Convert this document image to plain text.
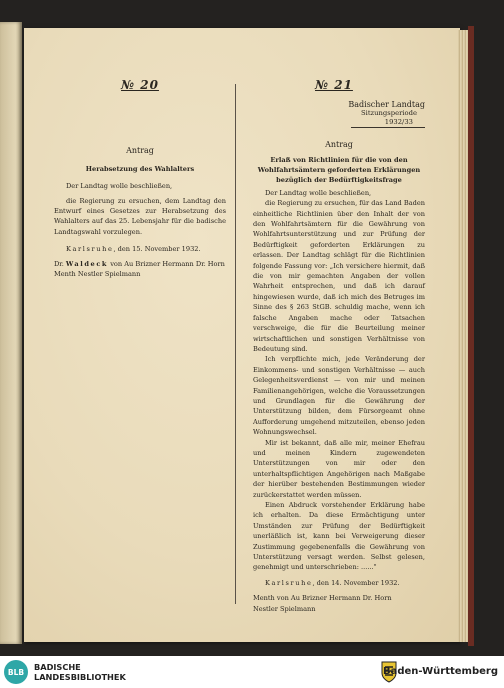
№ 20
Antrag
Herabsetzung des Wahlalters

Der Landtag wolle beschließen,

die Regierung zu ersuchen, dem Landtag den Entwurf eines Gesetzes zur Herabsetzung des Wahlalters auf das 25. Lebensjahr für die badische Landtagswahl vorzulegen.

Karlsruhe, den 15. November 1932.

Dr. Waldeck von Au Brizner Hermann Dr. Horn

Menth Nestler Spielmann

№ 21
Badischer Landtag
Sitzungsperiode
1932/33
Antrag
Erlaß von Richtlinien für die von den Wohlfahrtsämtern geforderten Erklärungen bezüglich der Bedürftigkeitsfrage

Der Landtag wolle beschließen,

die Regierung zu ersuchen, für das Land Baden einheitliche Richtlinien über den Inhalt der von den Wohlfahrtsämtern für die Gewährung von Wohlfahrtsunterstützung und zur Prüfung der Bedürftigkeit geforderten Erklärungen zu erlassen. Der Landtag schlägt für die Richtlinien folgende Fassung vor: „Ich versichere hiermit, daß die von mir gemachten Angaben der vollen Wahrheit entsprechen, und daß ich darauf hingewiesen wurde, daß ich mich des Betruges im Sinne des § 263 StGB. schuldig mache, wenn ich falsche Angaben mache oder Tatsachen verschweige, die für die Beurteilung meiner wirtschaftlichen und sonstigen Verhältnisse von Bedeutung sind.

Ich verpflichte mich, jede Veränderung der Einkommens- und sonstigen Verhältnisse — auch Gelegenheitsverdienst — von mir und meinen Familienangehörigen, welche die Voraussetzungen und Grundlagen für die Gewährung der Unterstützung bilden, dem Fürsorgeamt ohne Aufforderung umgehend mitzuteilen, ebenso jeden Wohnungswechsel.

Mir ist bekannt, daß alle mir, meiner Ehefrau und meinen Kindern zugewendeten Unterstützungen von mir oder den unterhaltspflichtigen Angehörigen nach Maßgabe der hierüber bestehenden Bestimmungen wieder zurückerstattet werden müssen.

Einen Abdruck vorstehender Erklärung habe ich erhalten. Da diese Ermächtigung unter Umständen zur Prüfung der Bedürftigkeit unerläßlich ist, kann bei Verweigerung dieser Zustimmung gegebenenfalls die Gewährung von Unterstützung versagt werden. Selbst gelesen, genehmigt und unterschrieben: ......"

Karlsruhe, den 14. November 1932.

Menth von Au Brizner Hermann Dr. Horn

Nestler Spielmann

BLB BADISCHE
LANDESBIBLIOTHEK	Baden-Württemberg
